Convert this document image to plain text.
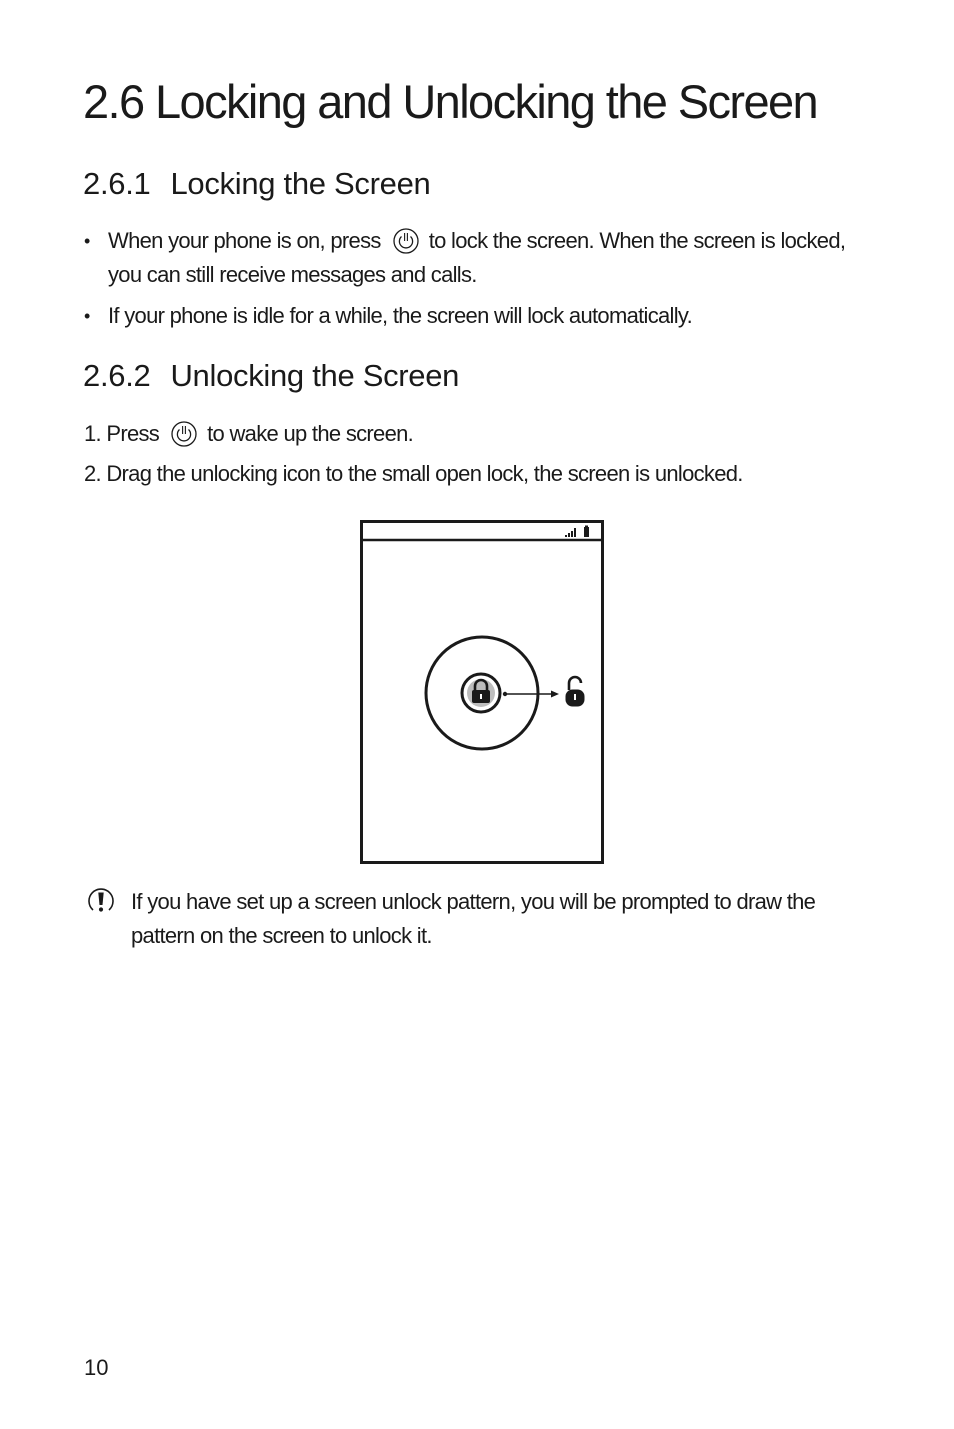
2.6 Locking and Unlocking the Screen
2.6.1 Locking the Screen
• When your phone is on, press to lock the screen. When the screen is locked,
you can still receive messages and calls.
• If your phone is idle for a while, the screen will lock automatically.
2.6.2 Unlocking the Screen
1. Press to wake up the screen.
2. Drag the unlocking icon to the small open lock, the screen is unlocked.
If you have set up a screen unlock pattern, you will be prompted to draw the
pattern on the screen to unlock it.
10
